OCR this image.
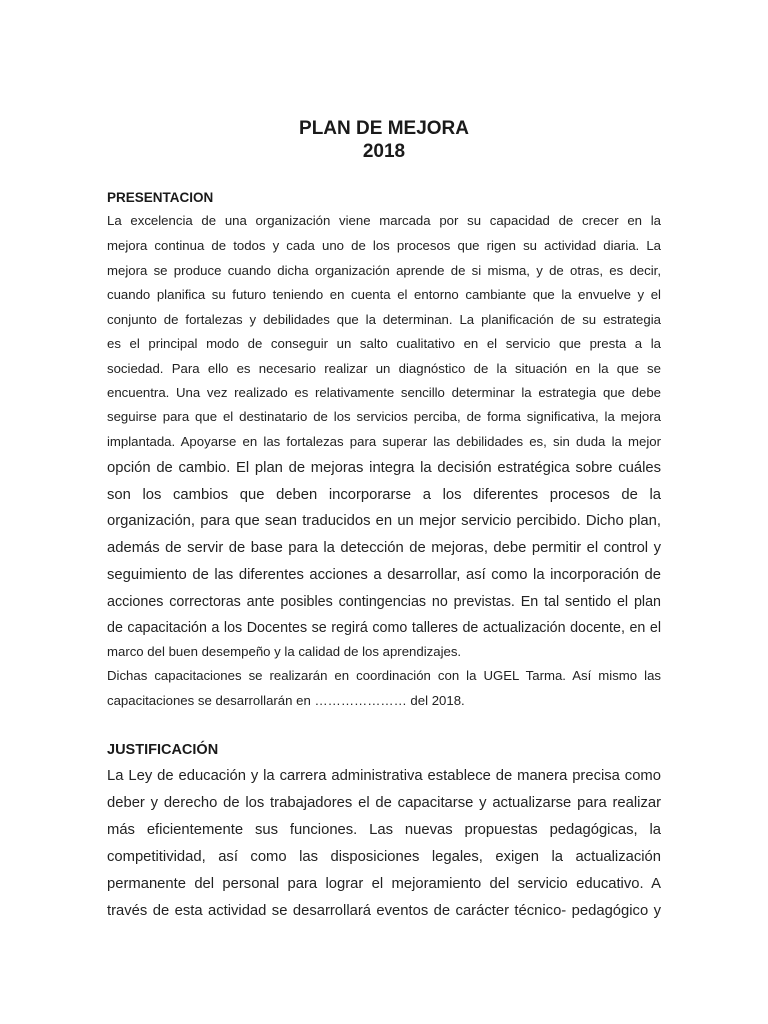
PLAN DE MEJORA
2018
PRESENTACION
La excelencia de una organización viene marcada por su capacidad de crecer en la
mejora continua de todos y cada uno de los procesos que rigen su actividad diaria. La
mejora se produce cuando dicha organización aprende de si misma, y de otras, es decir,
cuando planifica su futuro teniendo en cuenta el entorno cambiante que la envuelve y el
conjunto de fortalezas y debilidades que la determinan. La planificación de su estrategia
es el principal modo de conseguir un salto cualitativo en el servicio que presta a la
sociedad. Para ello es necesario realizar un diagnóstico de la situación en la que se
encuentra. Una vez realizado es relativamente sencillo determinar la estrategia que debe
seguirse para que el destinatario de los servicios perciba, de forma significativa, la mejora
implantada. Apoyarse en las fortalezas para superar las debilidades es, sin duda la mejor
opción de cambio. El plan de mejoras integra la decisión estratégica sobre cuáles
son los cambios que deben incorporarse a los diferentes procesos de la
organización, para que sean traducidos en un mejor servicio percibido. Dicho plan,
además de servir de base para la detección de mejoras, debe permitir el control y
seguimiento de las diferentes acciones a desarrollar, así como la incorporación de
acciones correctoras ante posibles contingencias no previstas. En tal sentido el plan
de capacitación a los Docentes se regirá como talleres de actualización docente, en el
marco del buen desempeño y la calidad de los aprendizajes.
Dichas capacitaciones se realizarán en coordinación con la UGEL Tarma. Así mismo las
capacitaciones se desarrollarán en ………………… del 2018.
JUSTIFICACIÓN
La Ley de educación y la carrera administrativa establece de manera precisa como
deber y derecho de los trabajadores el de capacitarse y actualizarse para realizar
más eficientemente sus funciones. Las nuevas propuestas pedagógicas, la
competitividad, así como las disposiciones legales, exigen la actualización
permanente del personal para lograr el mejoramiento del servicio educativo. A
través de esta actividad se desarrollará eventos de carácter técnico- pedagógico y
